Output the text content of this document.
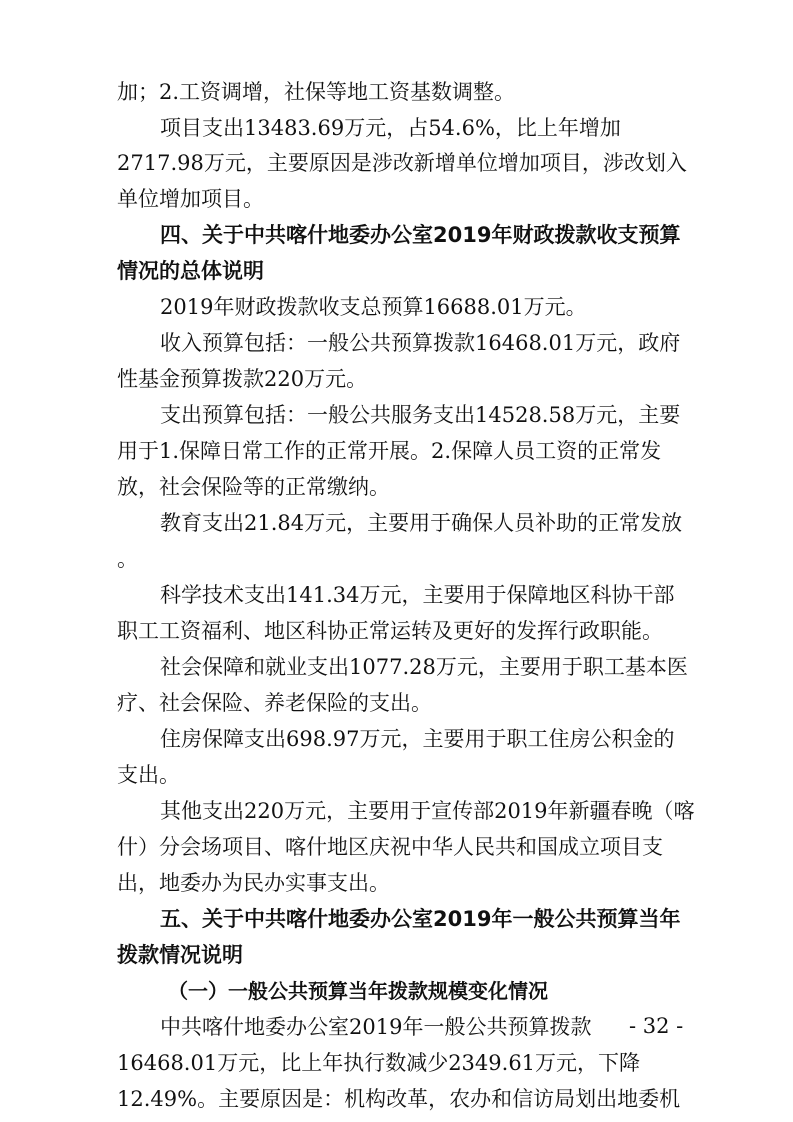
加；2.工资调增，社保等地工资基数调整。
项目支出13483.69万元，占54.6%，比上年增加
2717.98万元，主要原因是涉改新增单位增加项目，涉改划入
单位增加项目。
四、关于中共喀什地委办公室2019年财政拨款收支预算
情况的总体说明
2019年财政拨款收支总预算16688.01万元。
收入预算包括：一般公共预算拨款16468.01万元，政府
性基金预算拨款220万元。
支出预算包括：一般公共服务支出14528.58万元，主要
用于1.保障日常工作的正常开展。2.保障人员工资的正常发
放，社会保险等的正常缴纳。
教育支出21.84万元，主要用于确保人员补助的正常发放
。
科学技术支出141.34万元，主要用于保障地区科协干部
职工工资福利、地区科协正常运转及更好的发挥行政职能。
社会保障和就业支出1077.28万元，主要用于职工基本医
疗、社会保险、养老保险的支出。
住房保障支出698.97万元，主要用于职工住房公积金的
支出。
其他支出220万元，主要用于宣传部2019年新疆春晚（喀
什）分会场项目、喀什地区庆祝中华人民共和国成立项目支
出，地委办为民办实事支出。
五、关于中共喀什地委办公室2019年一般公共预算当年
拨款情况说明
（一）一般公共预算当年拨款规模变化情况
中共喀什地委办公室2019年一般公共预算拨款
16468.01万元，比上年执行数减少2349.61万元，下降
12.49%。主要原因是：机构改革，农办和信访局划出地委机
- 32 -
